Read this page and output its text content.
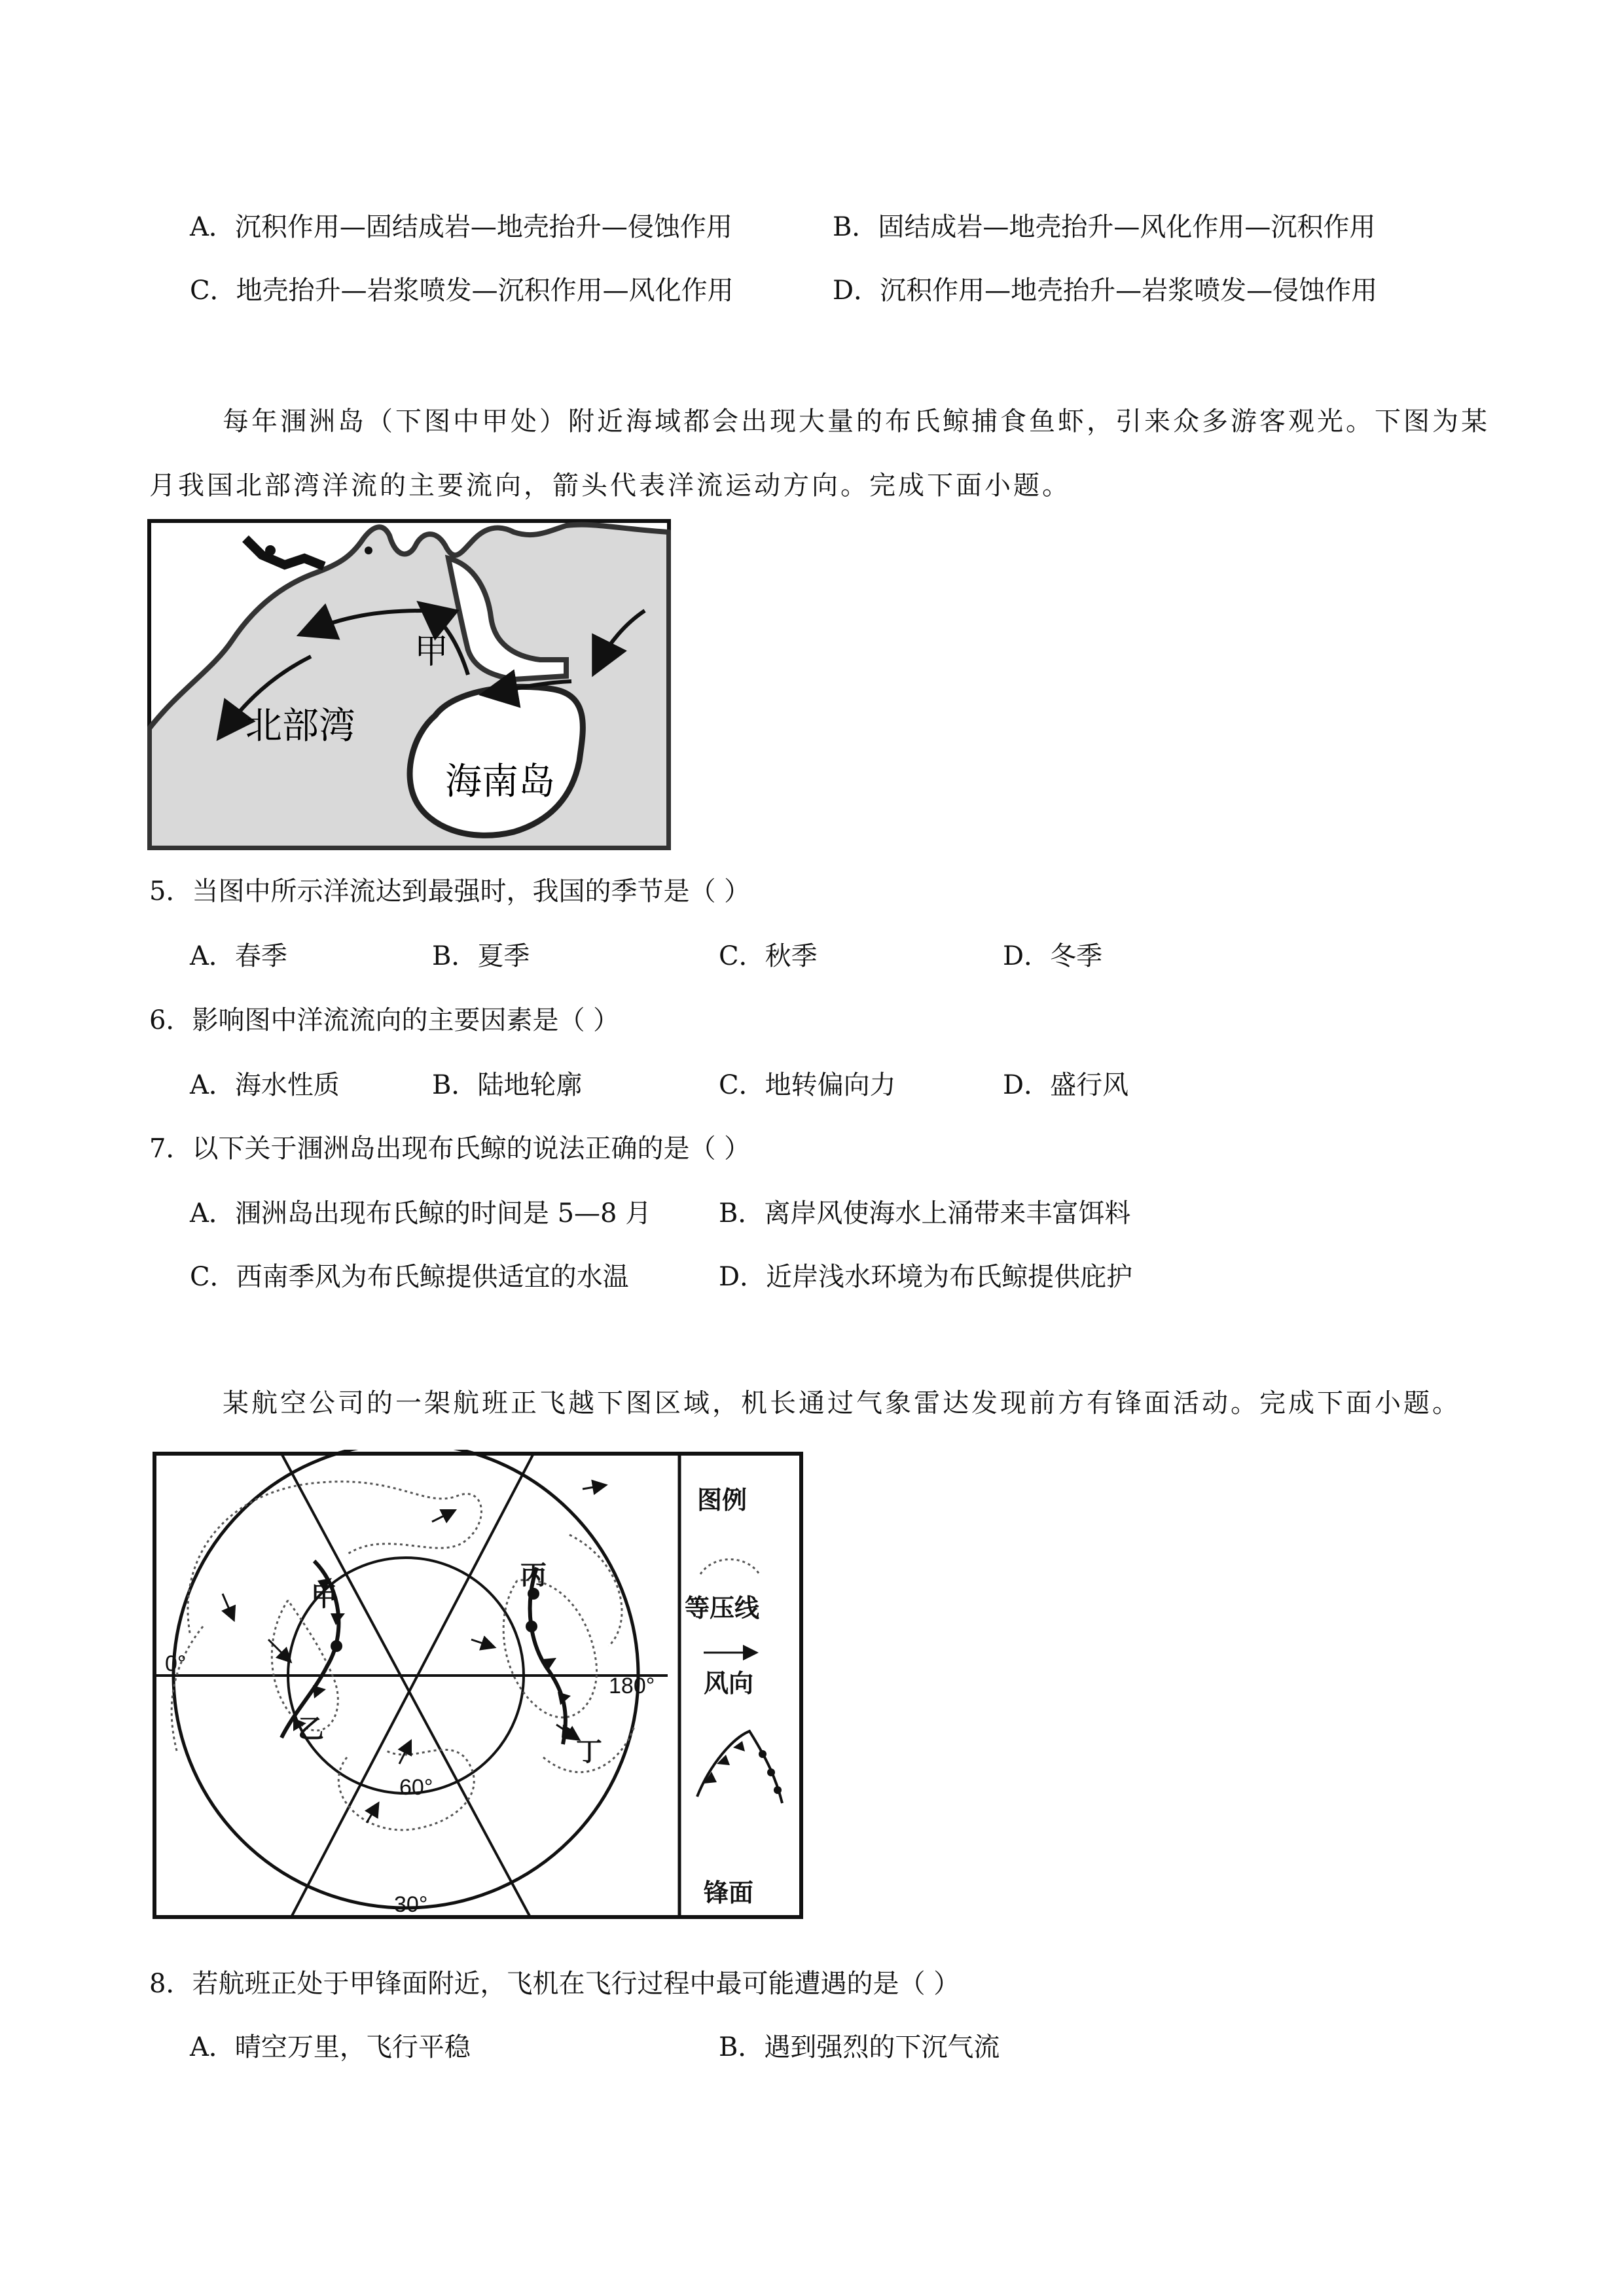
A．沉积作用—固结成岩—地壳抬升—侵蚀作用	B．固结成岩—地壳抬升—风化作用—沉积作用
C．地壳抬升—岩浆喷发—沉积作用—风化作用	D．沉积作用—地壳抬升—岩浆喷发—侵蚀作用
每年涠洲岛（下图中甲处）附近海域都会出现大量的布氏鲸捕食鱼虾，引来众多游客观光。下图为某
月我国北部湾洋流的主要流向，箭头代表洋流运动方向。完成下面小题。
甲
北部湾
海南岛
5．当图中所示洋流达到最强时，我国的季节是（ ）
A．春季	B．夏季	C．秋季	D．冬季
6．影响图中洋流流向的主要因素是（ ）
A．海水性质	B．陆地轮廓	C．地转偏向力	D．盛行风
7．以下关于涠洲岛出现布氏鲸的说法正确的是（ ）
A．涠洲岛出现布氏鲸的时间是 5—8 月	B．离岸风使海水上涌带来丰富饵料
C．西南季风为布氏鲸提供适宜的水温	D．近岸浅水环境为布氏鲸提供庇护
某航空公司的一架航班正飞越下图区域，机长通过气象雷达发现前方有锋面活动。完成下面小题。
甲
乙
丙
丁
0°
180°
60°
30°
图例
等压线
风向
锋面
8．若航班正处于甲锋面附近，飞机在飞行过程中最可能遭遇的是（ ）
A．晴空万里，飞行平稳	B．遇到强烈的下沉气流
